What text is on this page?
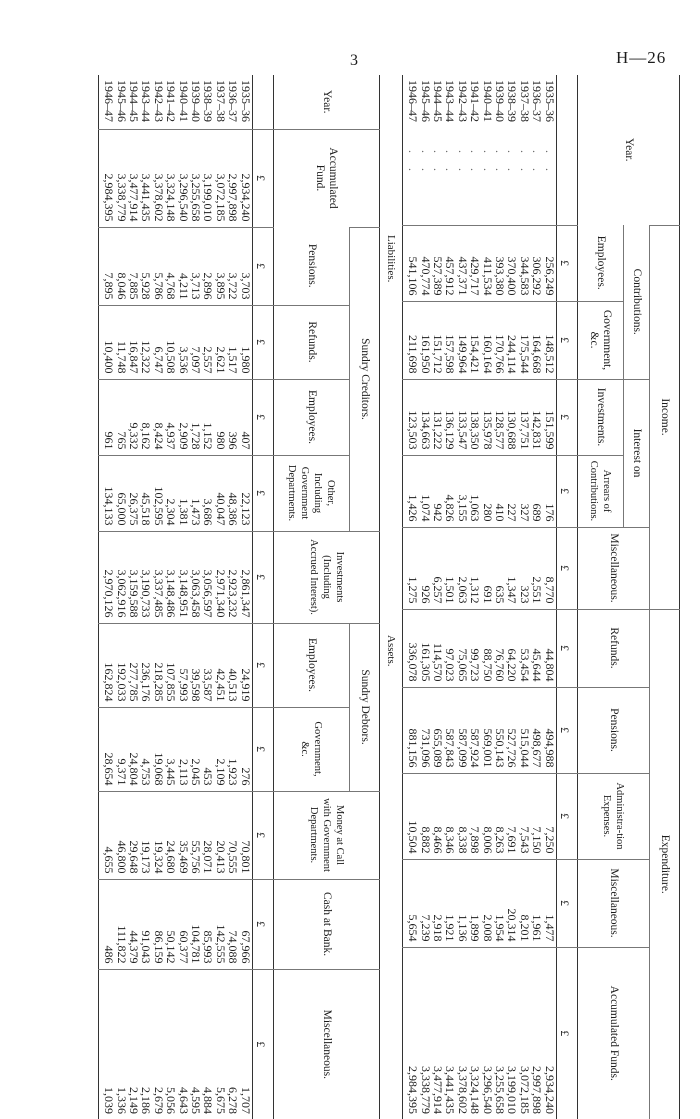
3	H—26
Year.	Income.					Expenditure.				
	Contributions.		Interest on		Miscellaneous.	Refunds.	Pensions.	Administra-tion Expenses.	Miscellaneous.	Accumulated Funds.
	Employees.	Government, &c.	Investments.	Arrears of Contributions.						
	£	£	£	£	£	£	£	£	£	£
1935–36. .	256,249	148,512	151,599	176	8,770	44,804	494,988	7,250	1,477	2,934,240
1936–37. .	306,292	164,668	142,831	689	2,551	45,644	498,677	7,150	1,961	2,997,898
1937–38. .	344,583	175,544	137,751	327	323	53,454	515,044	7,543	8,201	3,072,185
1938–39. .	370,400	244,114	130,688	227	1,347	64,220	527,726	7,691	20,314	3,199,010
1939–40. .	393,380	170,766	128,577	410	635	76,760	550,143	8,263	1,954	3,255,658
1940–41. .	411,534	160,164	135,978	280	691	88,750	569,001	8,006	2,008	3,296,540
1941–42. .	429,717	154,421	138,350	1,063	1,312	99,723	587,924	7,898	1,899	3,324,148
1942–43. .	437,371	149,964	133,547	3,155	2,063	75,065	587,099	8,338	1,136	3,378,602
1943–44. .	457,912	157,598	136,129	4,826	1,501	97,023	587,843	8,346	1,921	3,441,435
1944–45. .	527,389	151,712	131,222	942	6,257	114,570	655,089	8,466	2,918	3,477,914
1945–46. .	470,774	161,950	134,663	1,074	926	161,305	731,096	8,882	7,239	3,338,779
1946–47. .	541,106	211,698	123,503	1,426	1,275	336,078	881,156	10,504	5,654	2,984,395
Liabilities.
Assets.
Year.	Accumulated Fund.	Sundry Creditors.				Investments (Including Accrued Interest).	Sundry Debtors.		Money at Call with Government Departments.	Cash at Bank.	Miscellaneous.
		Pensions.	Refunds.	Employees.	Other, Including Government Departments.		Employees.	Government, &c.			
	£	£	£	£	£	£	£	£	£	£	£
1935–36	2,934,240	3,703	1,980	407	22,123	2,861,347	24,919	276	70,801	67,966	1,707
1936–37	2,997,898	3,722	1,517	396	48,386	2,923,232	40,513	1,923	70,555	74,088	6,278
1937–38	3,072,185	3,895	2,621	980	40,047	2,971,340	42,451	2,109	20,413	142,555	5,675
1938–39	3,199,010	2,896	2,557	1,152	3,686	3,056,597	33,587	453	28,071	85,993	4,884
1939–40	3,255,658	3,713	7,097	1,728	1,473	3,063,458	39,598	2,045	55,756	104,781	4,595
1940–41	3,296,540	4,211	3,536	2,909	1,381	3,148,951	57,993	2,113	35,469	60,377	4,643
1941–42	3,324,148	4,768	10,508	4,937	2,304	3,148,486	107,855	3,445	24,680	50,142	5,056
1942–43	3,378,602	5,786	6,747	8,424	102,595	3,337,485	218,285	19,068	19,324	86,159	2,679
1943–44	3,441,435	5,928	12,322	8,162	45,518	3,190,733	236,176	4,753	19,173	91,043	2,186
1944–45	3,477,914	7,885	16,847	9,332	26,375	3,159,588	277,785	24,804	29,648	44,379	2,149
1945–46	3,338,779	8,046	11,748	765	65,000	3,062,916	192,033	9,371	46,800	111,822	1,336
1946–47	2,984,395	7,895	10,400	961	134,133	2,970,126	162,824	28,654	4,655	486	1,039
